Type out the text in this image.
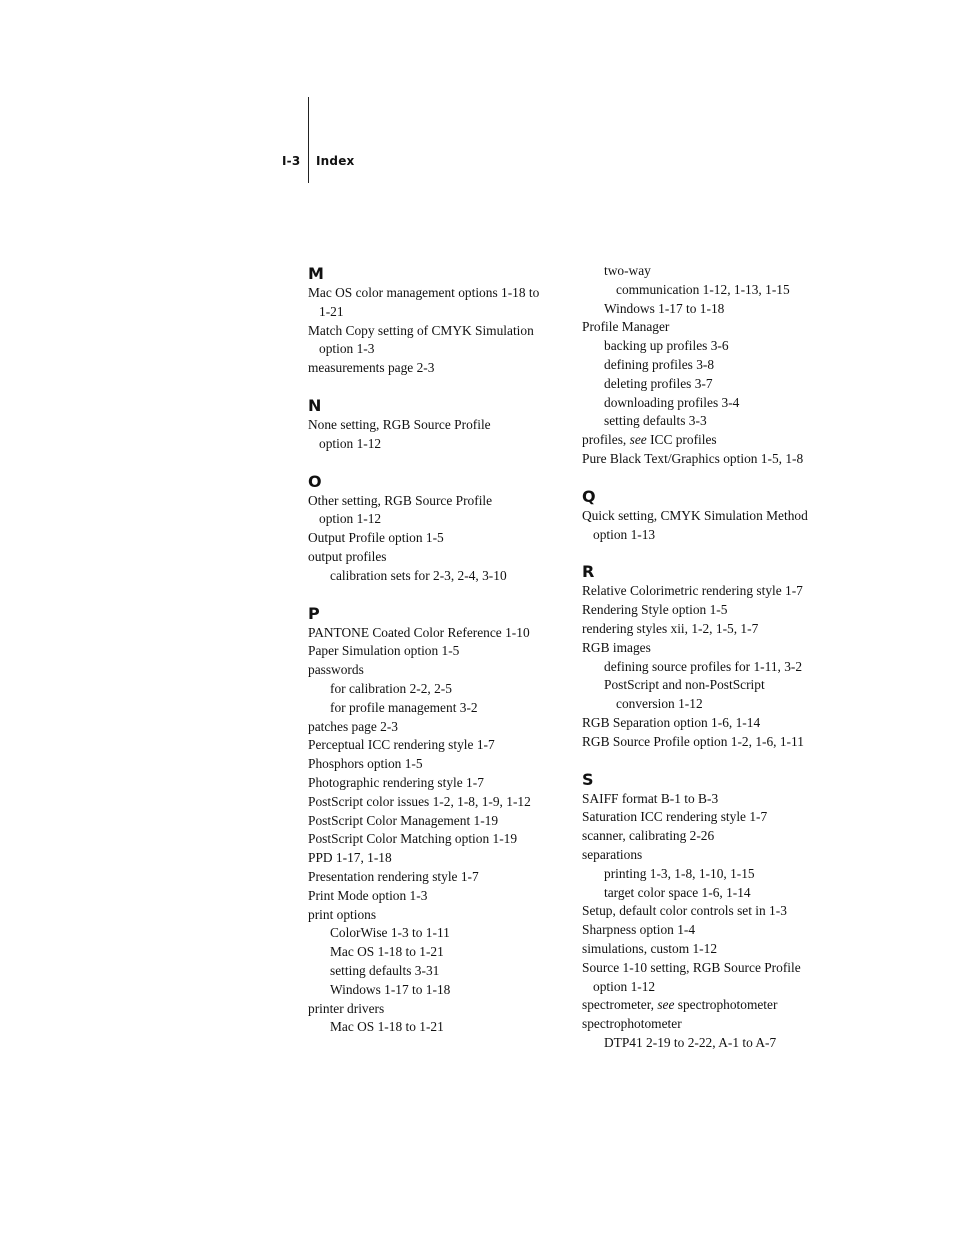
I-3 Index
M
Mac OS color management options 1-18 to
1-21
Match Copy setting of CMYK Simulation
option 1-3
measurements page 2-3
N
None setting, RGB Source Profile
option 1-12
O
Other setting, RGB Source Profile
option 1-12
Output Profile option 1-5
output profiles
calibration sets for 2-3, 2-4, 3-10
P
PANTONE Coated Color Reference 1-10
Paper Simulation option 1-5
passwords
for calibration 2-2, 2-5
for profile management 3-2
patches page 2-3
Perceptual ICC rendering style 1-7
Phosphors option 1-5
Photographic rendering style 1-7
PostScript color issues 1-2, 1-8, 1-9, 1-12
PostScript Color Management 1-19
PostScript Color Matching option 1-19
PPD 1-17, 1-18
Presentation rendering style 1-7
Print Mode option 1-3
print options
ColorWise 1-3 to 1-11
Mac OS 1-18 to 1-21
setting defaults 3-31
Windows 1-17 to 1-18
printer drivers
Mac OS 1-18 to 1-21
two-way
communication 1-12, 1-13, 1-15
Windows 1-17 to 1-18
Profile Manager
backing up profiles 3-6
defining profiles 3-8
deleting profiles 3-7
downloading profiles 3-4
setting defaults 3-3
profiles, see ICC profiles
Pure Black Text/Graphics option 1-5, 1-8
Q
Quick setting, CMYK Simulation Method
option 1-13
R
Relative Colorimetric rendering style 1-7
Rendering Style option 1-5
rendering styles xii, 1-2, 1-5, 1-7
RGB images
defining source profiles for 1-11, 3-2
PostScript and non-PostScript
conversion 1-12
RGB Separation option 1-6, 1-14
RGB Source Profile option 1-2, 1-6, 1-11
S
SAIFF format B-1 to B-3
Saturation ICC rendering style 1-7
scanner, calibrating 2-26
separations
printing 1-3, 1-8, 1-10, 1-15
target color space 1-6, 1-14
Setup, default color controls set in 1-3
Sharpness option 1-4
simulations, custom 1-12
Source 1-10 setting, RGB Source Profile
option 1-12
spectrometer, see spectrophotometer
spectrophotometer
DTP41 2-19 to 2-22, A-1 to A-7
